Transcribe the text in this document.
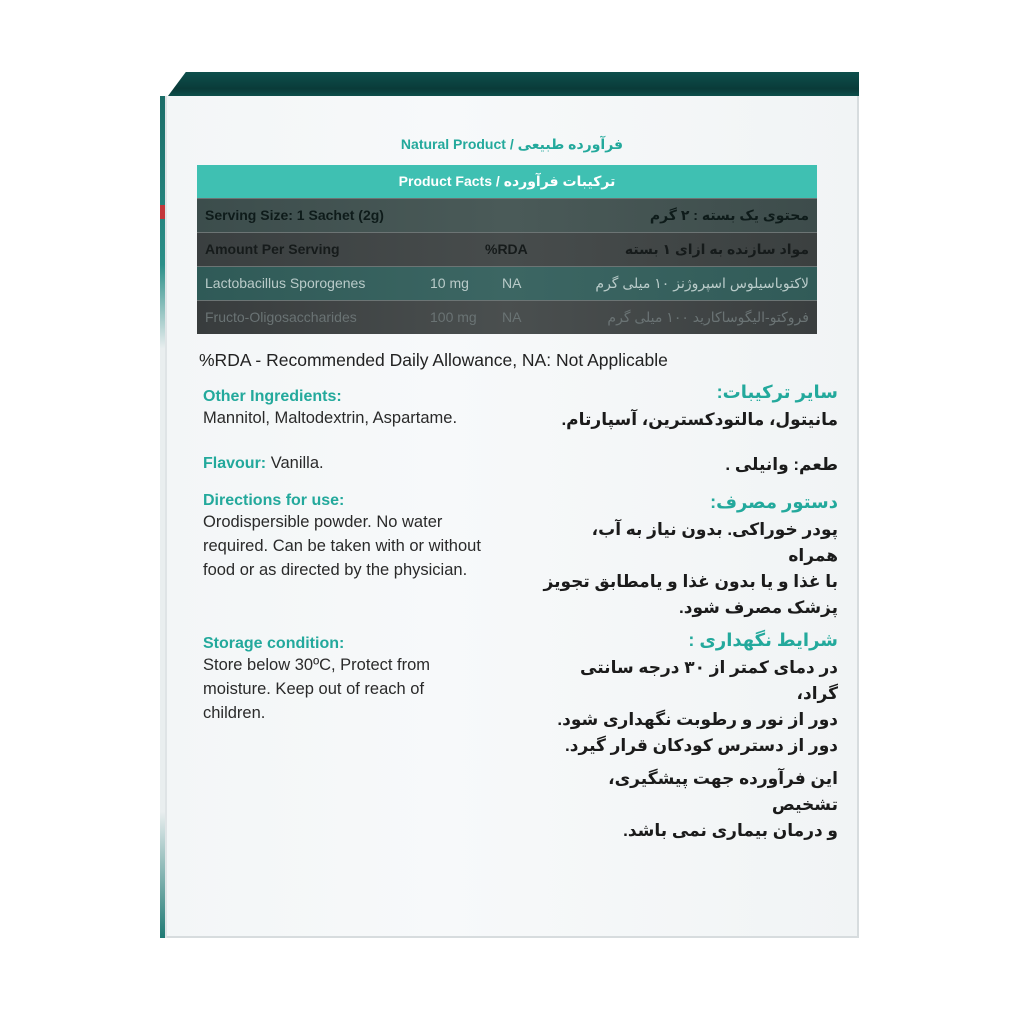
Natural Product / فرآورده طبیعی
Product Facts / ترکیبات فرآورده
Serving Size: 1 Sachet (2g)	محتوی یک بسته : ۲ گرم
Amount Per Serving	%RDA	مواد سازنده به ازای ۱ بسته
Lactobacillus Sporogenes	10 mg NA	لاکتوباسیلوس اسپروژنز ۱۰ میلی گرم
Fructo-Oligosaccharides	100 mg NA	فروکتو-الیگوساکارید ۱۰۰ میلی گرم
%RDA - Recommended Daily Allowance, NA: Not Applicable
Other Ingredients:
Mannitol, Maltodextrin, Aspartame.
Flavour: Vanilla.
Directions for use:
Orodispersible powder. No water
required. Can be taken with or without
food or as directed by the physician.
Storage condition:
Store below 30ºC, Protect from
moisture. Keep out of reach of
children.
سایر ترکیبات:
مانیتول، مالتودکسترین، آسپارتام.
طعم: وانیلی .
دستور مصرف:
پودر خوراکی. بدون نیاز به آب، همراه
با غذا و یا بدون غذا و یامطابق تجویز
پزشک مصرف شود.
شرایط نگهداری :
در دمای کمتر از ۳۰ درجه سانتی گراد،
دور از نور و رطوبت نگهداری شود.
دور از دسترس کودکان قرار گیرد.
این فرآورده جهت پیشگیری، تشخیص
و درمان بیماری نمی باشد.
